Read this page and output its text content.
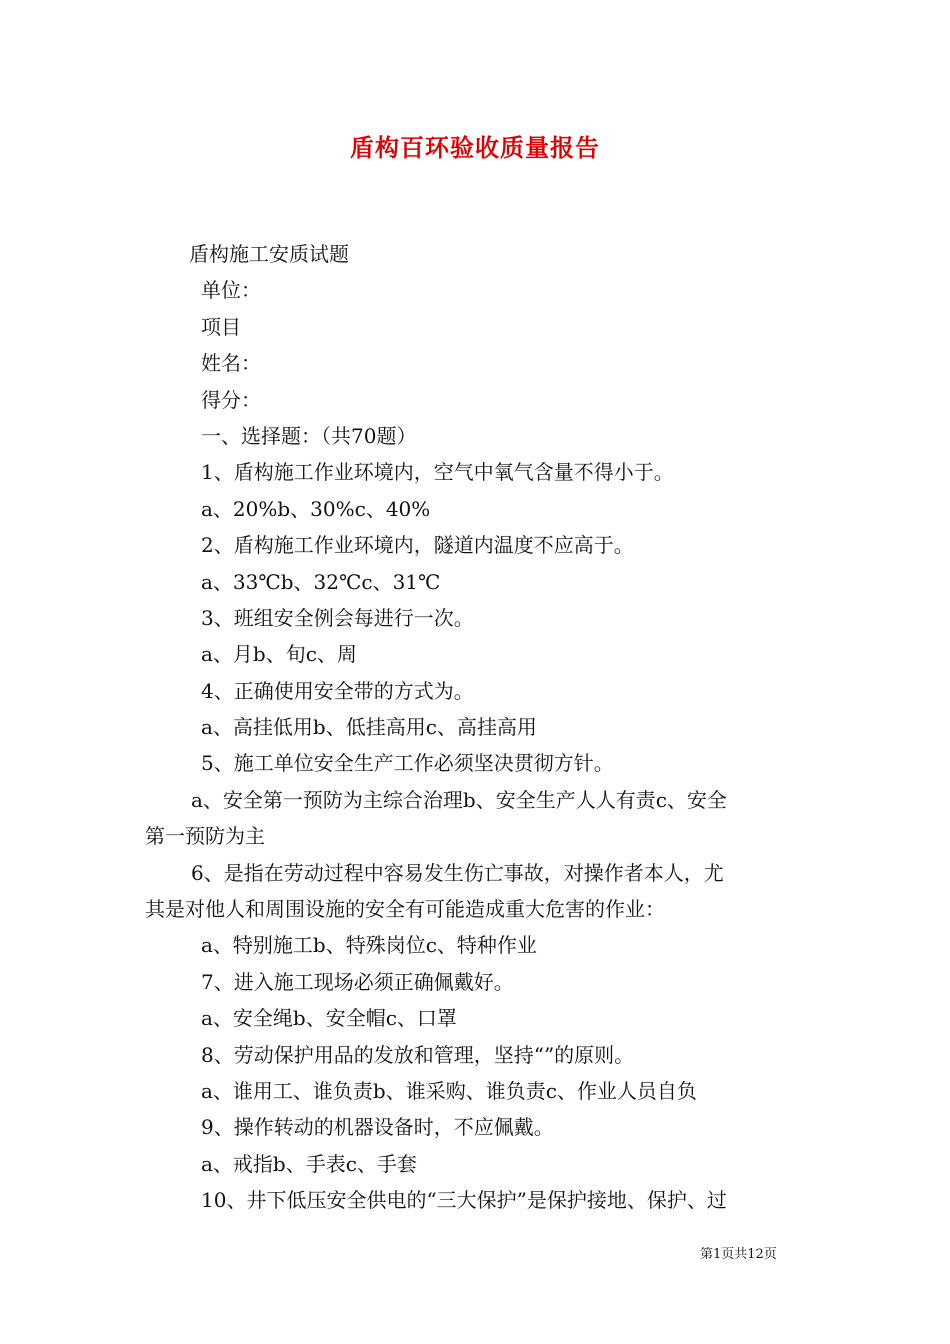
盾构百环验收质量报告
盾构施工安质试题
单位：
项目
姓名：
得分：
一、选择题：（共70题）
1、盾构施工作业环境内，空气中氧气含量不得小于。
a、20%b、30%c、40%
2、盾构施工作业环境内，隧道内温度不应高于。
a、33℃b、32℃c、31℃
3、班组安全例会每进行一次。
a、月b、旬c、周
4、正确使用安全带的方式为。
a、高挂低用b、低挂高用c、高挂高用
5、施工单位安全生产工作必须坚决贯彻方针。
a、安全第一预防为主综合治理b、安全生产人人有责c、安全
第一预防为主
6、是指在劳动过程中容易发生伤亡事故，对操作者本人，尤
其是对他人和周围设施的安全有可能造成重大危害的作业：
a、特别施工b、特殊岗位c、特种作业
7、进入施工现场必须正确佩戴好。
a、安全绳b、安全帽c、口罩
8、劳动保护用品的发放和管理，坚持“”的原则。
a、谁用工、谁负责b、谁采购、谁负责c、作业人员自负
9、操作转动的机器设备时，不应佩戴。
a、戒指b、手表c、手套
10、井下低压安全供电的“三大保护”是保护接地、保护、过
第1页共12页
